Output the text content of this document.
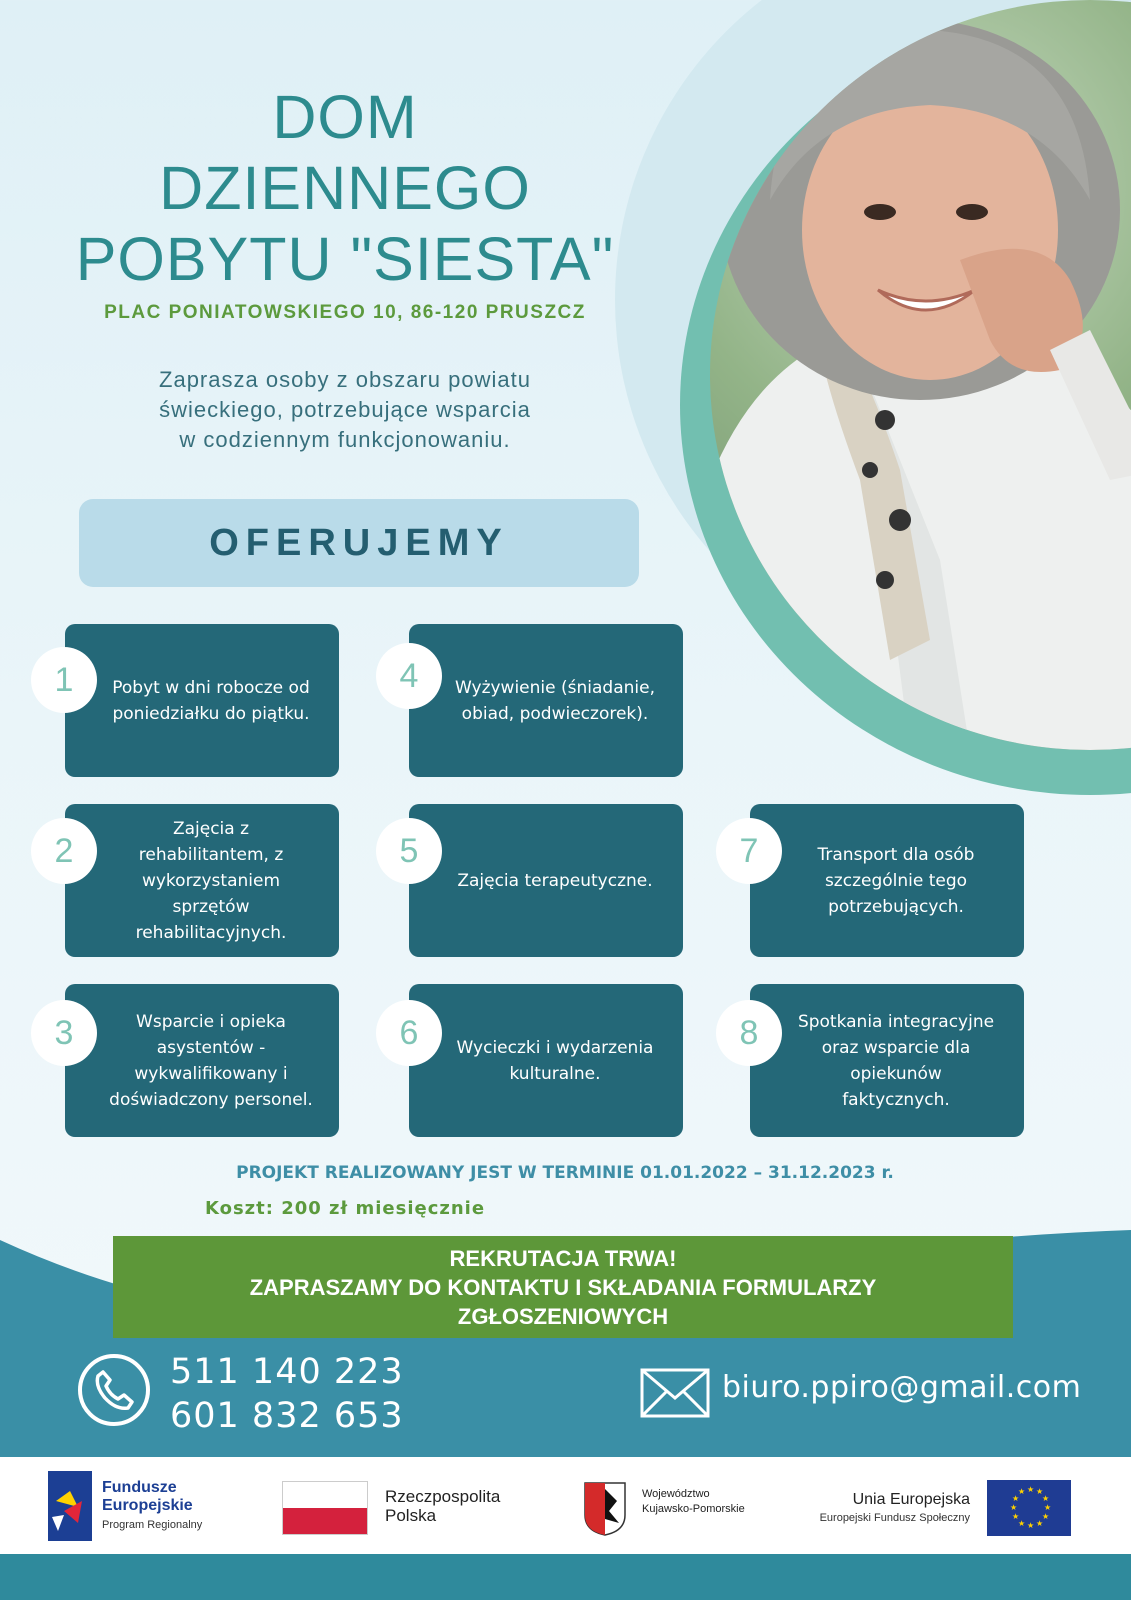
DOM
DZIENNEGO
POBYTU "SIESTA"
PLAC PONIATOWSKIEGO 10, 86-120 PRUSZCZ
Zaprasza osoby z obszaru powiatu
świeckiego, potrzebujące wsparcia
w codziennym funkcjonowaniu.
OFERUJEMY
Pobyt w dni robocze od poniedziałku do piątku.
1
Zajęcia z rehabilitantem, z wykorzystaniem sprzętów rehabilitacyjnych.
2
Wsparcie i opieka asystentów - wykwalifikowany i doświadczony personel.
3
Wyżywienie (śniadanie, obiad, podwieczorek).
4
Zajęcia terapeutyczne.
5
Wycieczki i wydarzenia kulturalne.
6
Transport dla osób szczególnie tego potrzebujących.
7
Spotkania integracyjne oraz wsparcie dla opiekunów faktycznych.
8
PROJEKT REALIZOWANY JEST W TERMINIE 01.01.2022 – 31.12.2023 r.
Koszt: 200 zł miesięcznie
REKRUTACJA TRWA!
ZAPRASZAMY DO KONTAKTU I SKŁADANIA FORMULARZY
ZGŁOSZENIOWYCH
511 140 223
601 832 653
biuro.ppiro@gmail.com
Fundusze
Europejskie
Program Regionalny
Rzeczpospolita
Polska
Województwo
Kujawsko-Pomorskie
Unia Europejska
Europejski Fundusz Społeczny
★ ★
★
★
★
★
★
★
★
★
★
★
